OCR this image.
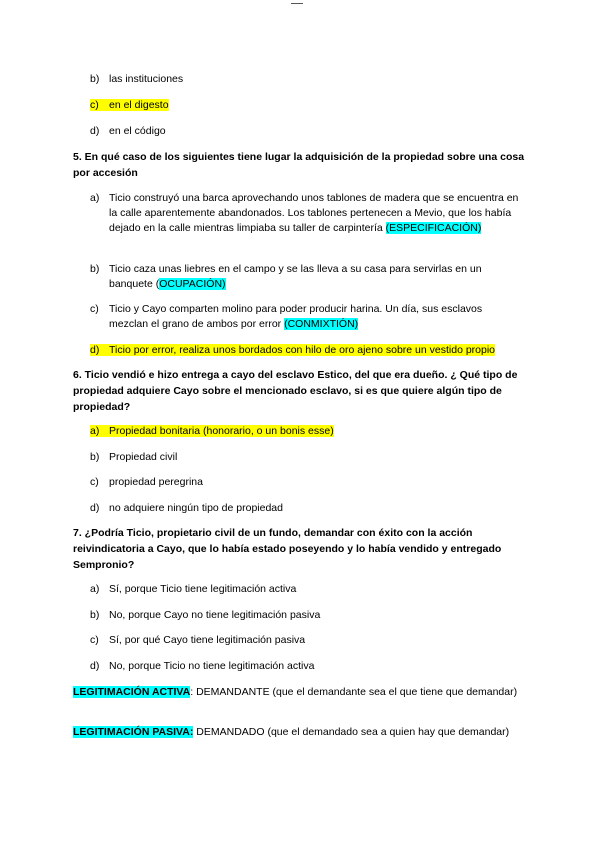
b) las instituciones
c) en el digesto
d) en el código
5. En qué caso de los siguientes tiene lugar la adquisición de la propiedad sobre una cosa por accesión
a) Ticio construyó una barca aprovechando unos tablones de madera que se encuentra en la calle aparentemente abandonados. Los tablones pertenecen a Mevio, que los había dejado en la calle mientras limpiaba su taller de carpintería (ESPECIFICACIÓN)
b) Ticio caza unas liebres en el campo y se las lleva a su casa para servirlas en un banquete (OCUPACIÓN)
c) Ticio y Cayo comparten molino para poder producir harina. Un día, sus esclavos mezclan el grano de ambos por error (CONMIXTIÓN)
d) Ticio por error, realiza unos bordados con hilo de oro ajeno sobre un vestido propio
6. Ticio vendió e hizo entrega a cayo del esclavo Estico, del que era dueño. ¿ Qué tipo de propiedad adquiere Cayo sobre el mencionado esclavo, si es que quiere algún tipo de propiedad?
a) Propiedad bonitaria (honorario, o un bonis esse)
b) Propiedad civil
c) propiedad peregrina
d) no adquiere ningún tipo de propiedad
7. ¿Podría Ticio, propietario civil de un fundo, demandar con éxito con la acción reivindicatoria a Cayo, que lo había estado poseyendo y lo había vendido y entregado Sempronio?
a) Sí, porque Ticio tiene legitimación activa
b) No, porque Cayo no tiene legitimación pasiva
c) Sí, por qué Cayo tiene legitimación pasiva
d) No, porque Ticio no tiene legitimación activa
LEGITIMACIÓN ACTIVA: DEMANDANTE (que el demandante sea el que tiene que demandar)
LEGITIMACIÓN PASIVA: DEMANDADO (que el demandado sea a quien hay que demandar)
